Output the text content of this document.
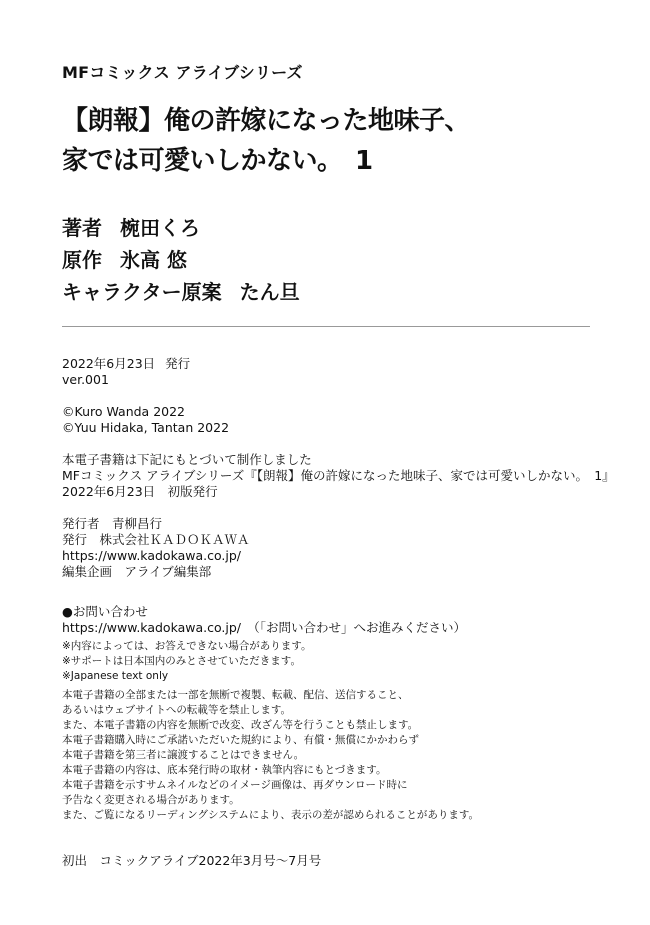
MFコミックス アライブシリーズ
【朗報】俺の許嫁になった地味子、
家では可愛いしかない。　1
著者 椀田くろ
原作 氷高 悠
キャラクター原案 たん旦
2022年6月23日 発行
ver.001
©Kuro Wanda 2022
©Yuu Hidaka, Tantan 2022
本電子書籍は下記にもとづいて制作しました
MFコミックス アライブシリーズ『【朗報】俺の許嫁になった地味子、家では可愛いしかない。　1』
2022年6月23日　初版発行
発行者　青柳昌行
発行　株式会社ＫＡＤＯＫＡＷＡ
https://www.kadokawa.co.jp/
編集企画　アライブ編集部
●お問い合わせ
https://www.kadokawa.co.jp/　（「お問い合わせ」へお進みください）
※内容によっては、お答えできない場合があります。
※サポートは日本国内のみとさせていただきます。
※Japanese text only
本電子書籍の全部または一部を無断で複製、転載、配信、送信すること、
あるいはウェブサイトへの転載等を禁止します。
また、本電子書籍の内容を無断で改変、改ざん等を行うことも禁止します。
本電子書籍購入時にご承諾いただいた規約により、有償・無償にかかわらず
本電子書籍を第三者に譲渡することはできません。
本電子書籍の内容は、底本発行時の取材・執筆内容にもとづきます。
本電子書籍を示すサムネイルなどのイメージ画像は、再ダウンロード時に
予告なく変更される場合があります。
また、ご覧になるリーディングシステムにより、表示の差が認められることがあります。
初出　コミックアライブ2022年3月号～7月号
